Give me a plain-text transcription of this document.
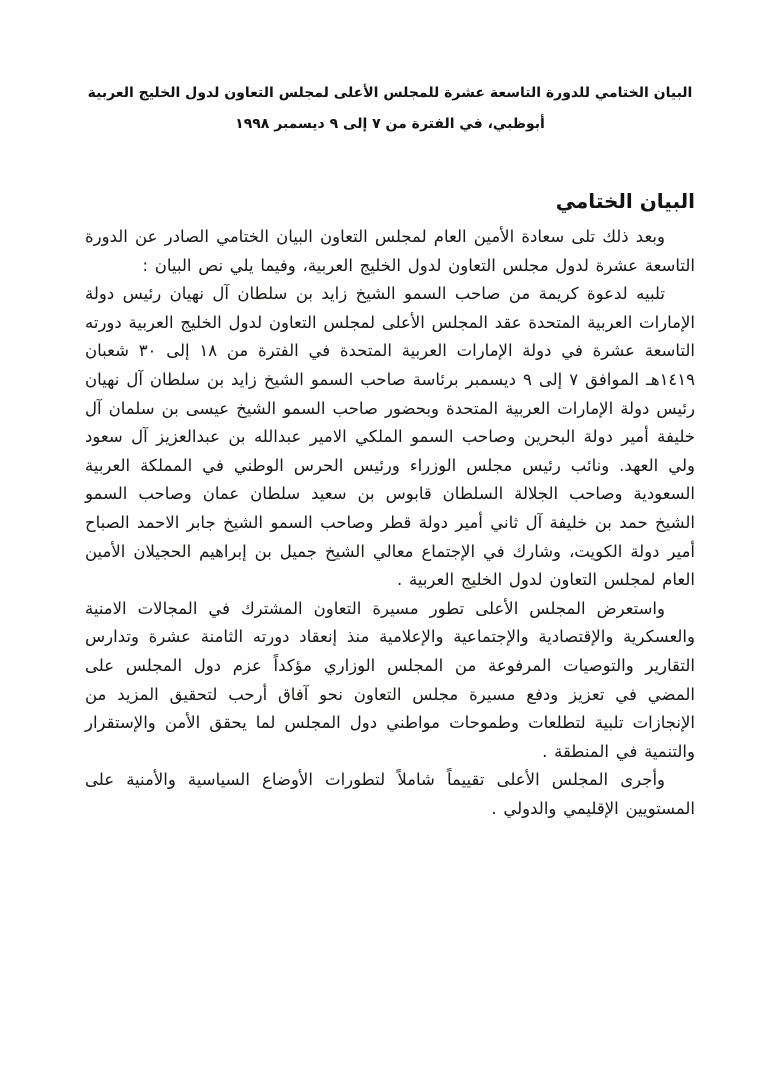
البيان الختامي للدورة التاسعة عشرة للمجلس الأعلى لمجلس التعاون لدول الخليج العربية
أبوظبي، في الفترة من ٧ إلى ٩ ديسمبر ١٩٩٨
البيان الختامي

وبعد ذلك تلى سعادة الأمين العام لمجلس التعاون البيان الختامي الصادر عن الدورة التاسعة عشرة لدول مجلس التعاون لدول الخليج العربية، وفيما يلي نص البيان :

تلبيه لدعوة كريمة من صاحب السمو الشيخ زايد بن سلطان آل نهيان رئيس دولة الإمارات العربية المتحدة عقد المجلس الأعلى لمجلس التعاون لدول الخليج العربية دورته التاسعة عشرة في دولة الإمارات العربية المتحدة في الفترة من ١٨ إلى ٣٠ شعبان ١٤١٩هـ الموافق ٧ إلى ٩ ديسمبر برئاسة صاحب السمو الشيخ زايد بن سلطان آل نهيان رئيس دولة الإمارات العربية المتحدة وبحضور صاحب السمو الشيخ عيسى بن سلمان آل خليفة أمير دولة البحرين وصاحب السمو الملكي الامير عبدالله بن عبدالعزيز آل سعود ولي العهد. ونائب رئيس مجلس الوزراء ورئيس الحرس الوطني في المملكة العربية السعودية وصاحب الجلالة السلطان قابوس بن سعيد سلطان عمان وصاحب السمو الشيخ حمد بن خليفة آل ثاني أمير دولة قطر وصاحب السمو الشيخ جابر الاحمد الصباح أمير دولة الكويت، وشارك في الإجتماع معالي الشيخ جميل بن إبراهيم الحجيلان الأمين العام لمجلس التعاون لدول الخليج العربية .

واستعرض المجلس الأعلى تطور مسيرة التعاون المشترك في المجالات الامنية والعسكرية والإقتصادية والإجتماعية والإعلامية منذ إنعقاد دورته الثامنة عشرة وتدارس التقارير والتوصيات المرفوعة من المجلس الوزاري مؤكداً عزم دول المجلس على المضي في تعزيز ودفع مسيرة مجلس التعاون نحو آفاق أرحب لتحقيق المزيد من الإنجازات تلبية لتطلعات وطموحات مواطني دول المجلس لما يحقق الأمن والإستقرار والتنمية في المنطقة .

وأجرى المجلس الأعلى تقييماً شاملاً لتطورات الأوضاع السياسية والأمنية على المستويين الإقليمي والدولي .
